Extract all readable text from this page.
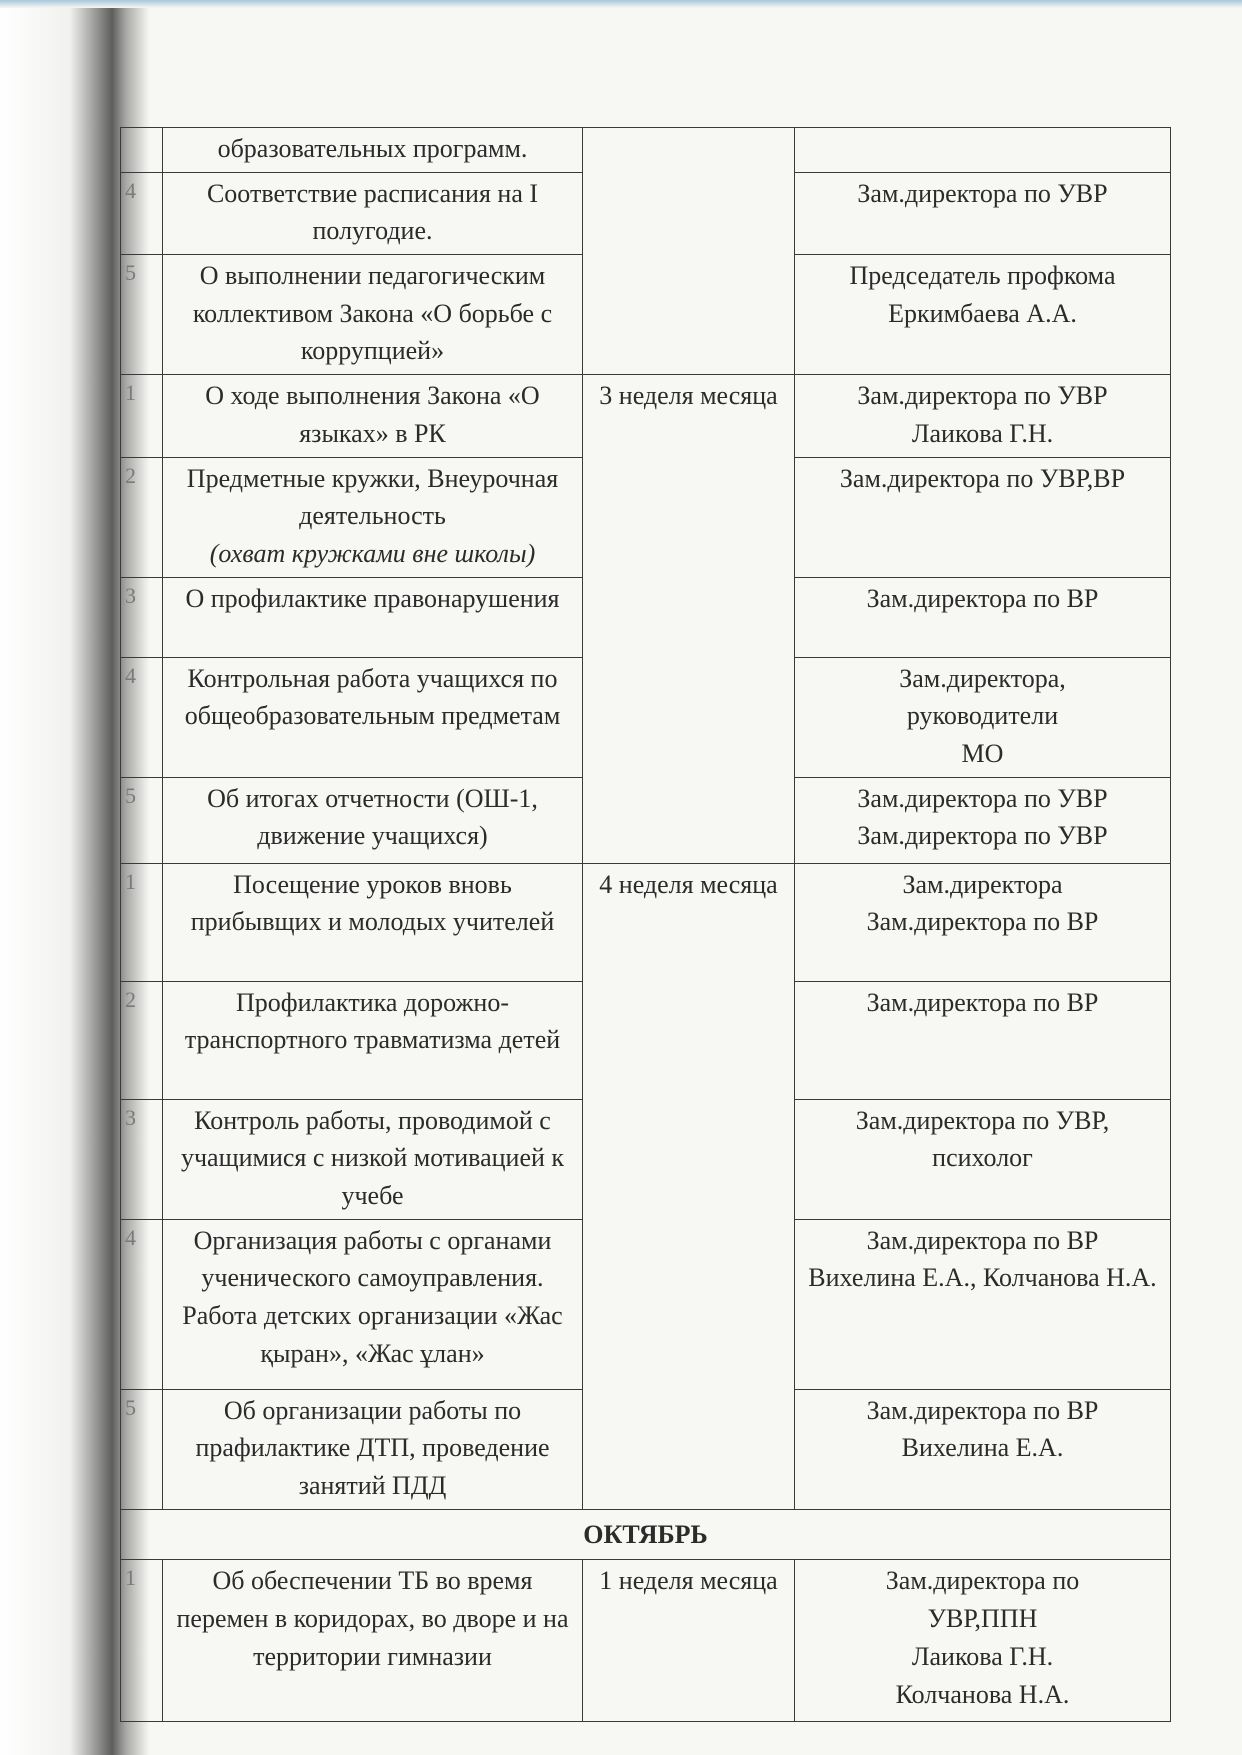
	образовательных программ.		

4	Соответствие расписания на I полугодие.		Зам.директора по УВР

5	О выполнении педагогическим коллективом Закона «О борьбе с коррупцией»		Председатель профкома
Еркимбаева А.А.

1	О ходе выполнения Закона «О языках» в РК	3 неделя месяца	Зам.директора по УВР
Лаикова Г.Н.

2	Предметные кружки, Внеурочная деятельность
(охват кружками вне школы)		Зам.директора по УВР,ВР

3	О профилактике правонарушения		Зам.директора по ВР

4	Контрольная работа учащихся по общеобразовательным предметам		Зам.директора,
руководители
МО

5	Об итогах отчетности (ОШ-1, движение учащихся)		Зам.директора по УВР
Зам.директора по УВР

1	Посещение уроков вновь прибывщих и молодых учителей	4 неделя месяца	Зам.директора
Зам.директора по ВР

2	Профилактика дорожно-транспортного травматизма детей		Зам.директора по ВР

3	Контроль работы, проводимой с учащимися с низкой мотивацией к учебе		Зам.директора по УВР,
психолог

4	Организация работы с органами ученического самоуправления. Работа детских организации «Жас қыран», «Жас ұлан»		Зам.директора по ВР
Вихелина Е.А., Колчанова Н.А.

5	Об организации работы по прафилактике ДТП, проведение занятий ПДД		Зам.директора по ВР
Вихелина Е.А.

ОКТЯБРЬ			
1	Об обеспечении ТБ во время перемен в коридорах, во дворе и на территории гимназии	1 неделя месяца	Зам.директора по
УВР,ППН
Лаикова Г.Н.
Колчанова Н.А.
